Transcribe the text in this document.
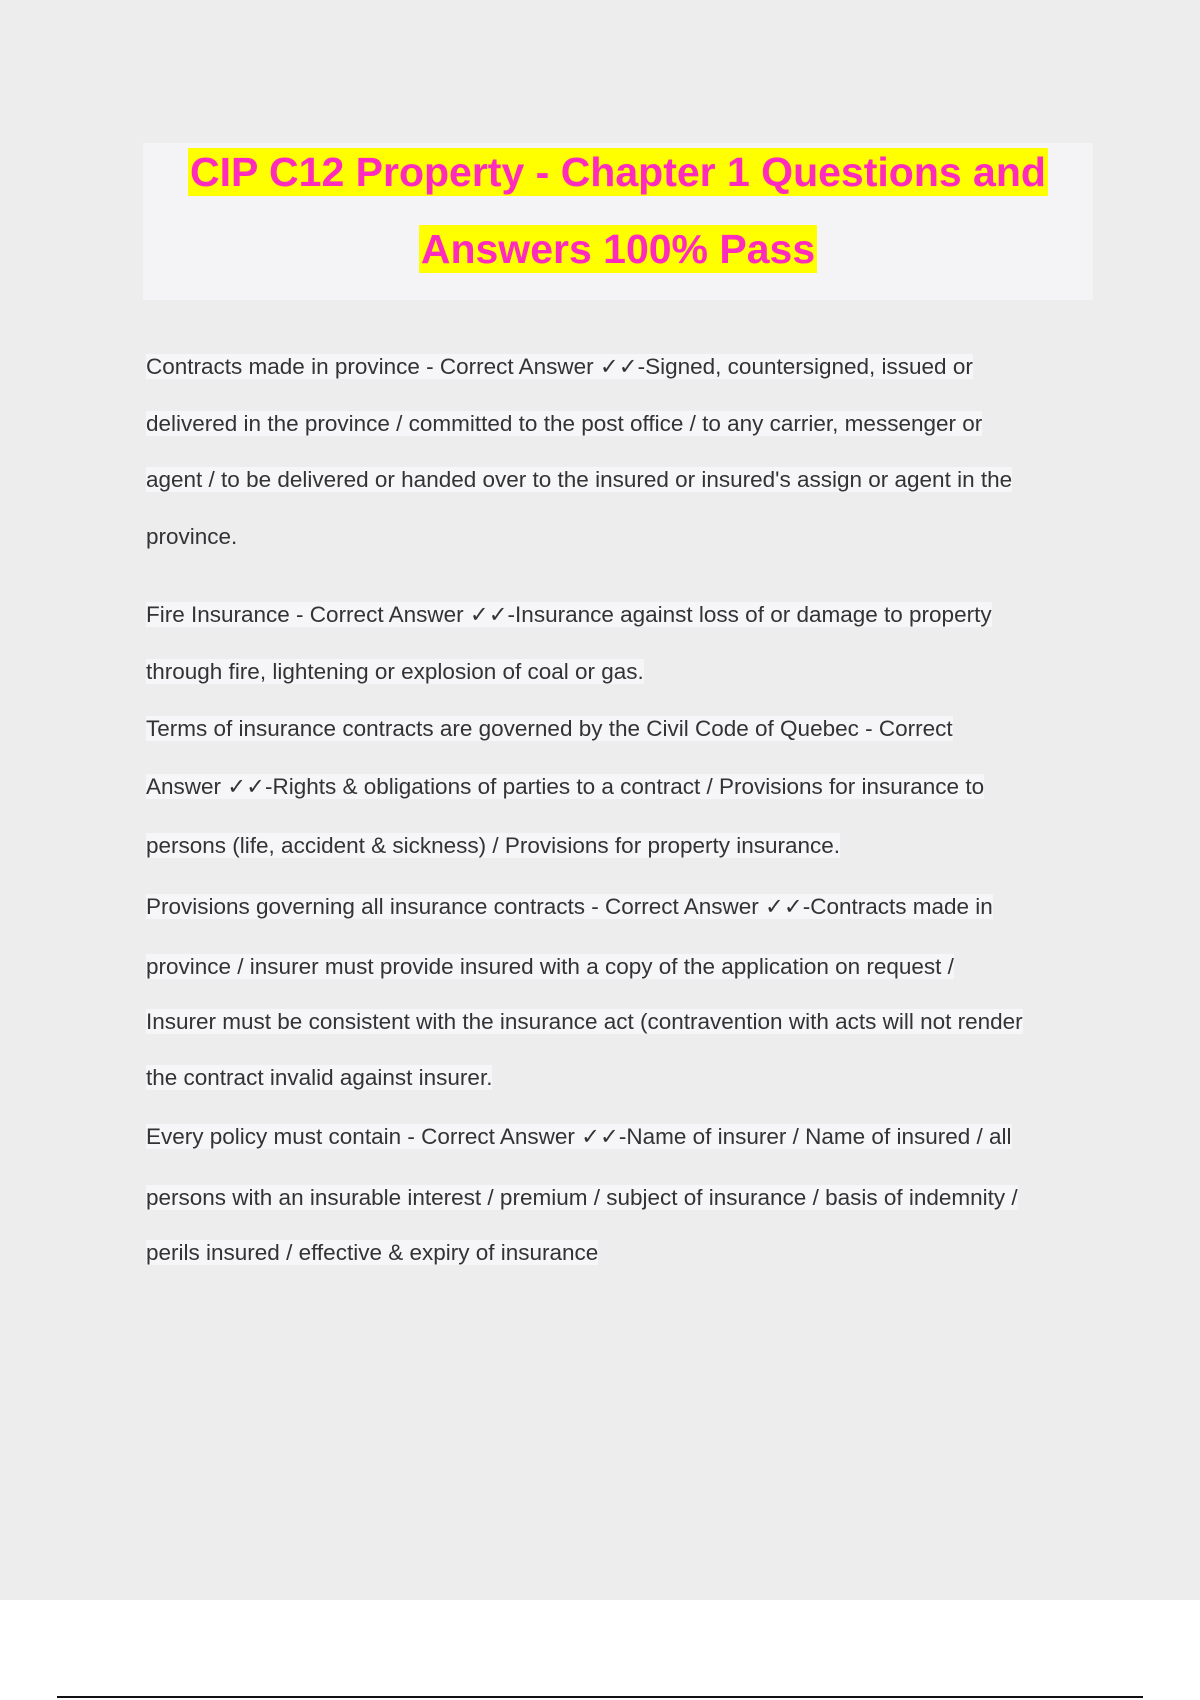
CIP C12 Property - Chapter 1 Questions and
Answers 100% Pass
Contracts made in province - Correct Answer ✓✓-Signed, countersigned, issued or
delivered in the province / committed to the post office / to any carrier, messenger or
agent / to be delivered or handed over to the insured or insured's assign or agent in the
province.
Fire Insurance - Correct Answer ✓✓-Insurance against loss of or damage to property
through fire, lightening or explosion of coal or gas.
Terms of insurance contracts are governed by the Civil Code of Quebec - Correct
Answer ✓✓-Rights & obligations of parties to a contract / Provisions for insurance to
persons (life, accident & sickness) / Provisions for property insurance.
Provisions governing all insurance contracts - Correct Answer ✓✓-Contracts made in
province / insurer must provide insured with a copy of the application on request /
Insurer must be consistent with the insurance act (contravention with acts will not render
the contract invalid against insurer.
Every policy must contain - Correct Answer ✓✓-Name of insurer / Name of insured / all
persons with an insurable interest / premium / subject of insurance / basis of indemnity /
perils insured / effective & expiry of insurance
